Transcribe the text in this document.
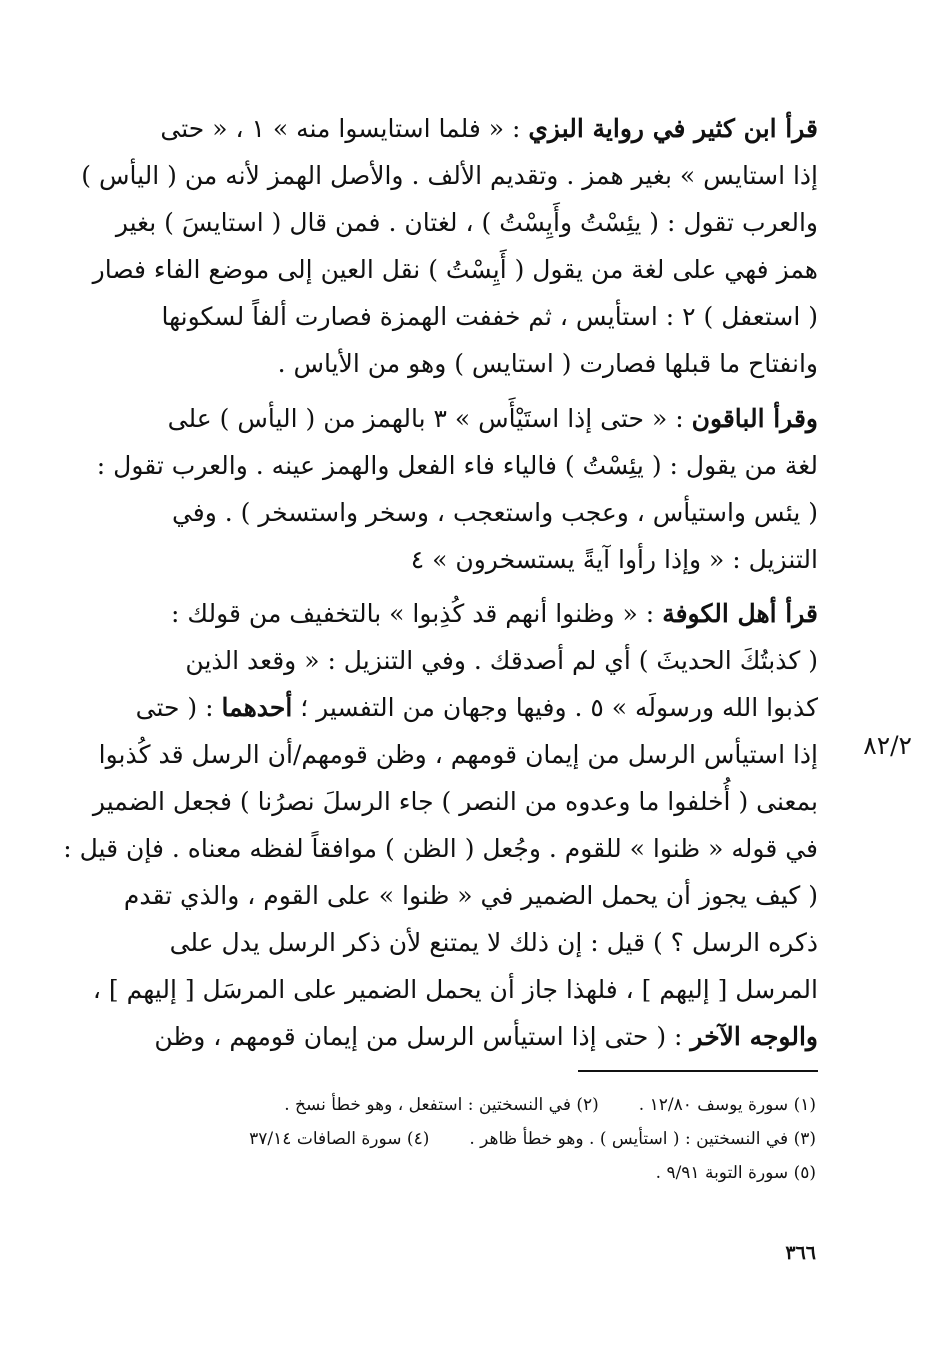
قرأ ابن كثير في رواية البزي : « فلما استايسوا منه » ١ ، « حتى
إذا استايس » بغير همز . وتقديم الألف . والأصل الهمز لأنه من ( اليأس )
والعرب تقول : ( يئِسْتُ وأَيِسْتُ ) ، لغتان . فمن قال ( استايسَ ) بغير
همز فهي على لغة من يقول ( أَيِسْتُ ) نقل العين إلى موضع الفاء فصار
( استعفل ) ٢ : استأيس ، ثم خففت الهمزة فصارت ألفاً لسكونها
وانفتاح ما قبلها فصارت ( استايس ) وهو من الأياس .
وقرأ الباقون : « حتى إذا استَيْأَس » ٣ بالهمز من ( اليأس ) على
لغة من يقول : ( يئِسْتُ ) فالياء فاء الفعل والهمز عينه . والعرب تقول :
( يئس واستيأس ، وعجب واستعجب ، وسخر واستسخر ) . وفي
التنزيل : « وإذا رأوا آيةً يستسخرون » ٤
قرأ أهل الكوفة : « وظنوا أنهم قد كُذِبوا » بالتخفيف من قولك :
( كذبتُكَ الحديثَ ) أي لم أصدقك . وفي التنزيل : « وقعد الذين
كذبوا الله ورسولَه » ٥ . وفيها وجهان من التفسير ؛ أحدهما : ( حتى
إذا استيأس الرسل من إيمان قومهم ، وظن قومهم/أن الرسل قد كُذبوا
بمعنى ( أُخلفوا ما وعدوه من النصر ) جاء الرسلَ نصرُنا ) فجعل الضمير
في قوله « ظنوا » للقوم . وجُعل ( الظن ) موافقاً لفظه معناه . فإن قيل :
( كيف يجوز أن يحمل الضمير في « ظنوا » على القوم ، والذي تقدم
ذكره الرسل ؟ ) قيل : إن ذلك لا يمتنع لأن ذكر الرسل يدل على
المرسل [ إليهم ] ، فلهذا جاز أن يحمل الضمير على المرسَل [ إليهم ] ،
والوجه الآخر : ( حتى إذا استيأس الرسل من إيمان قومهم ، وظن
٨٢/٢
(١) سورة يوسف ١٢/٨٠ .(٢) في النسختين : استفعل ، وهو خطأ نسخ .
(٣) في النسختين : ( استأيس ) . وهو خطأ ظاهر .(٤) سورة الصافات ٣٧/١٤
(٥) سورة التوبة ٩/٩١ .
٣٦٦
